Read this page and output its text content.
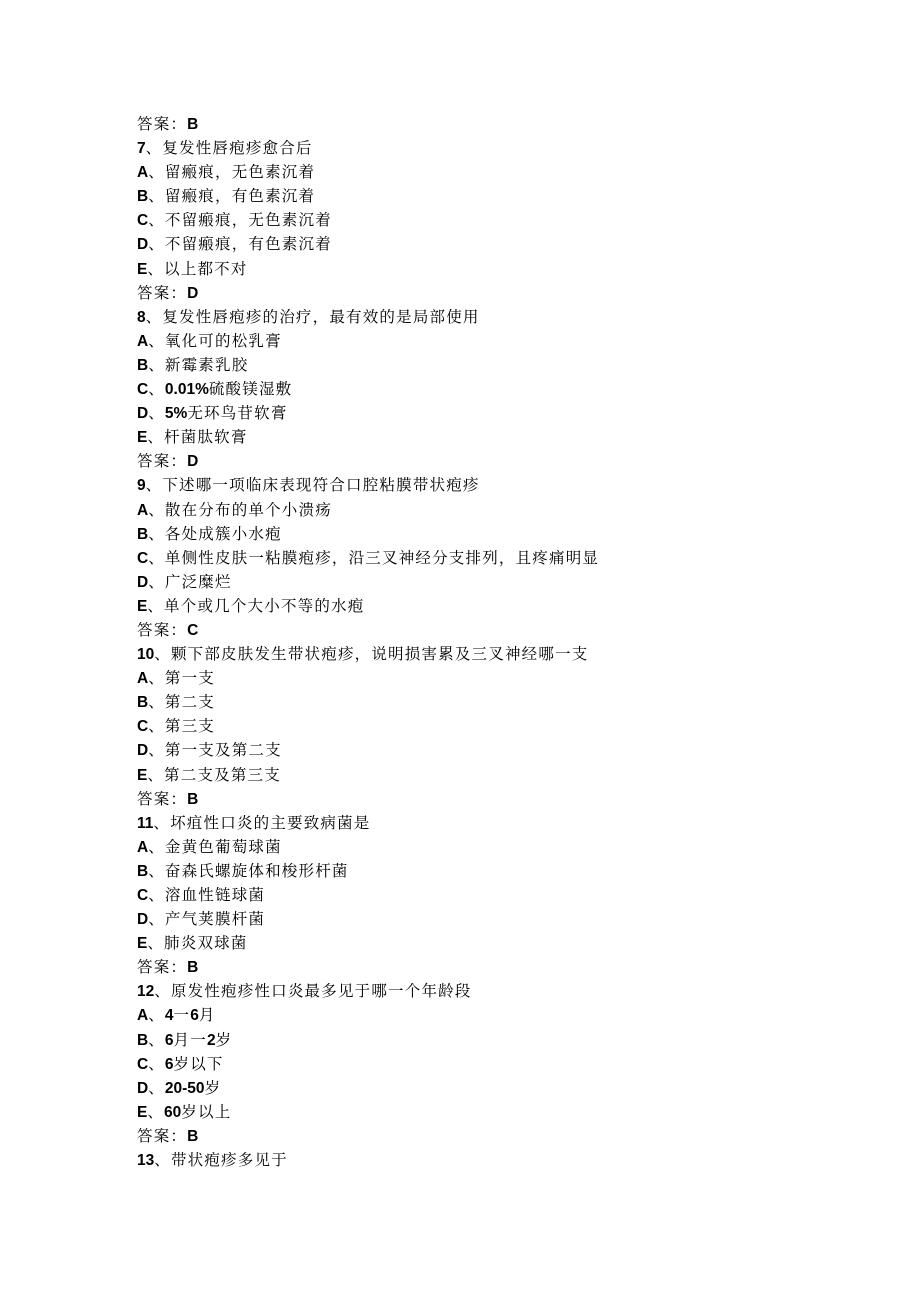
答案：B
7、复发性唇疱疹愈合后
A、留瘢痕，无色素沉着
B、留瘢痕，有色素沉着
C、不留瘢痕，无色素沉着
D、不留瘢痕，有色素沉着
E、以上都不对
答案：D
8、复发性唇疱疹的治疗，最有效的是局部使用
A、氧化可的松乳膏
B、新霉素乳胶
C、0.01%硫酸镁湿敷
D、5%无环鸟苷软膏
E、杆菌肽软膏
答案：D
9、下述哪一项临床表现符合口腔粘膜带状疱疹
A、散在分布的单个小溃疡
B、各处成簇小水疱
C、单侧性皮肤一粘膜疱疹，沿三叉神经分支排列，且疼痛明显
D、广泛糜烂
E、单个或几个大小不等的水疱
答案：C
10、颗下部皮肤发生带状疱疹，说明损害累及三叉神经哪一支
A、第一支
B、第二支
C、第三支
D、第一支及第二支
E、第二支及第三支
答案：B
11、坏疽性口炎的主要致病菌是
A、金黄色葡萄球菌
B、奋森氏螺旋体和梭形杆菌
C、溶血性链球菌
D、产气荚膜杆菌
E、肺炎双球菌
答案：B
12、原发性疱疹性口炎最多见于哪一个年龄段
A、4一6月
B、6月一2岁
C、6岁以下
D、20-50岁
E、60岁以上
答案：B
13、带状疱疹多见于
